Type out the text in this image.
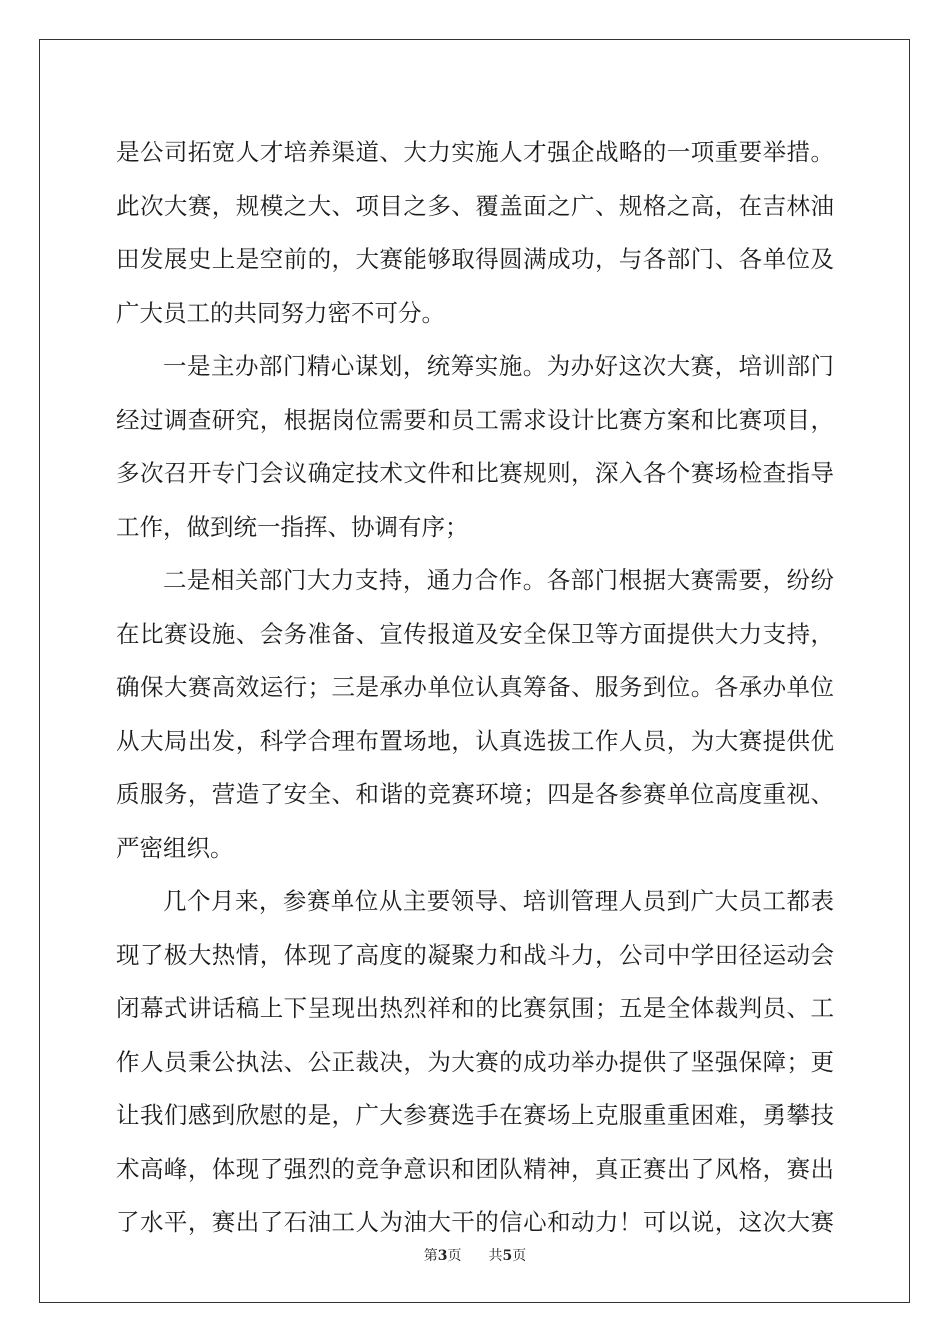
是公司拓宽人才培养渠道、大力实施人才强企战略的一项重要举措。
此次大赛，规模之大、项目之多、覆盖面之广、规格之高，在吉林油
田发展史上是空前的，大赛能够取得圆满成功，与各部门、各单位及
广大员工的共同努力密不可分。
一是主办部门精心谋划，统筹实施。为办好这次大赛，培训部门
经过调查研究，根据岗位需要和员工需求设计比赛方案和比赛项目，
多次召开专门会议确定技术文件和比赛规则，深入各个赛场检查指导
工作，做到统一指挥、协调有序；
二是相关部门大力支持，通力合作。各部门根据大赛需要，纷纷
在比赛设施、会务准备、宣传报道及安全保卫等方面提供大力支持，
确保大赛高效运行；三是承办单位认真筹备、服务到位。各承办单位
从大局出发，科学合理布置场地，认真选拔工作人员，为大赛提供优
质服务，营造了安全、和谐的竞赛环境；四是各参赛单位高度重视、
严密组织。
几个月来，参赛单位从主要领导、培训管理人员到广大员工都表
现了极大热情，体现了高度的凝聚力和战斗力，公司中学田径运动会
闭幕式讲话稿上下呈现出热烈祥和的比赛氛围；五是全体裁判员、工
作人员秉公执法、公正裁决，为大赛的成功举办提供了坚强保障；更
让我们感到欣慰的是，广大参赛选手在赛场上克服重重困难，勇攀技
术高峰，体现了强烈的竞争意识和团队精神，真正赛出了风格，赛出
了水平，赛出了石油工人为油大干的信心和动力！可以说，这次大赛
第3页 共5页
